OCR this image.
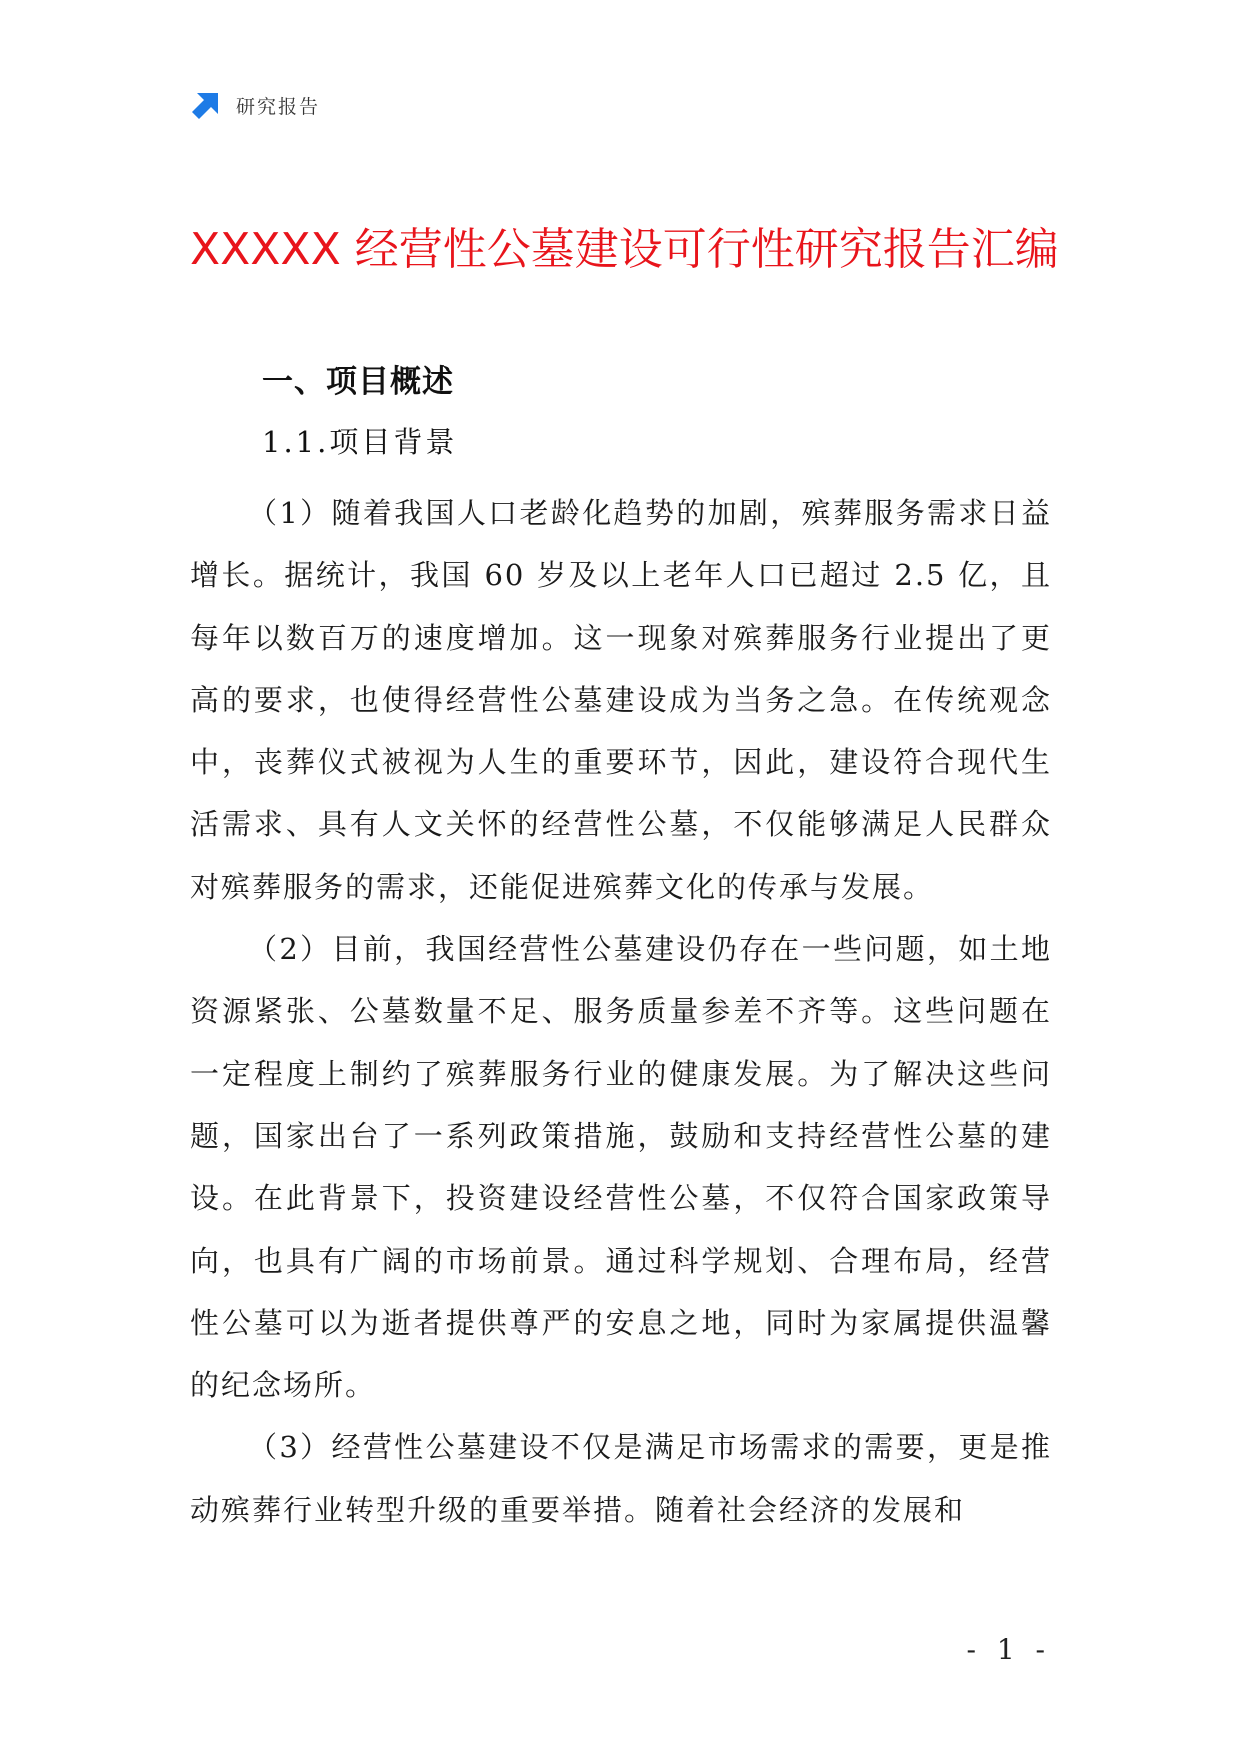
研究报告
XXXXX 经营性公墓建设可行性研究报告汇编
一、项目概述
1.1.项目背景

（1）随着我国人口老龄化趋势的加剧，殡葬服务需求日益增长。据统计，我国 60 岁及以上老年人口已超过 2.5 亿，且每年以数百万的速度增加。这一现象对殡葬服务行业提出了更高的要求，也使得经营性公墓建设成为当务之急。在传统观念中，丧葬仪式被视为人生的重要环节，因此，建设符合现代生活需求、具有人文关怀的经营性公墓，不仅能够满足人民群众对殡葬服务的需求，还能促进殡葬文化的传承与发展。

（2）目前，我国经营性公墓建设仍存在一些问题，如土地资源紧张、公墓数量不足、服务质量参差不齐等。这些问题在一定程度上制约了殡葬服务行业的健康发展。为了解决这些问题，国家出台了一系列政策措施，鼓励和支持经营性公墓的建设。在此背景下，投资建设经营性公墓，不仅符合国家政策导向，也具有广阔的市场前景。通过科学规划、合理布局，经营性公墓可以为逝者提供尊严的安息之地，同时为家属提供温馨的纪念场所。

（3）经营性公墓建设不仅是满足市场需求的需要，更是推动殡葬行业转型升级的重要举措。随着社会经济的发展和

- 1 -
